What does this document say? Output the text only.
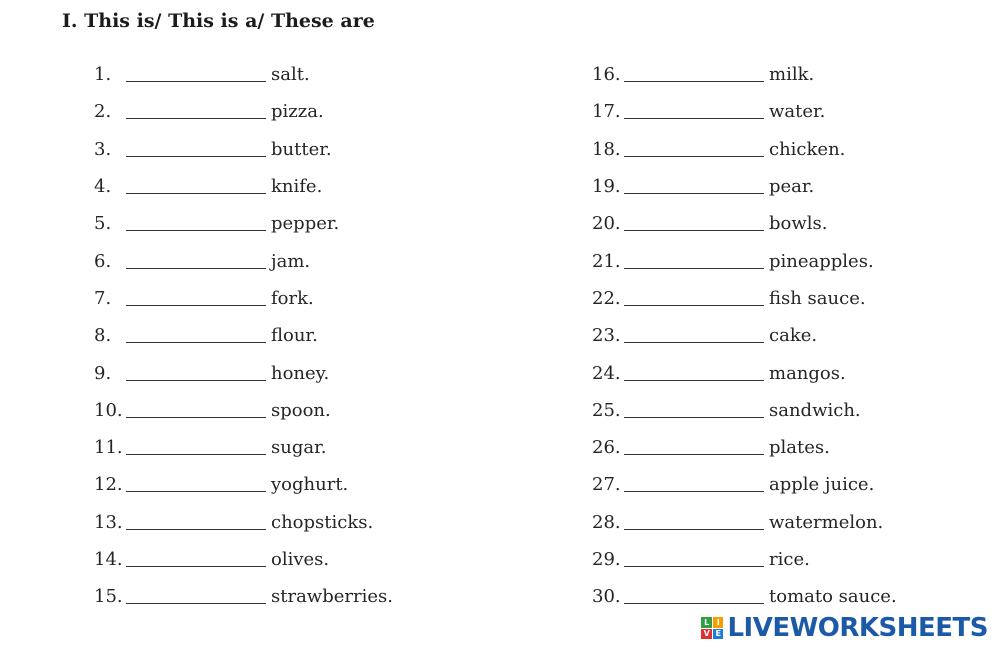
I. This is/ This is a/ These are
1.	salt.
2.	pizza.
3.	butter.
4.	knife.
5.	pepper.
6.	jam.
7.	fork.
8.	flour.
9.	honey.
10.	spoon.
11.	sugar.
12.	yoghurt.
13.	chopsticks.
14.	olives.
15.	strawberries.
16.	milk.
17.	water.
18.	chicken.
19.	pear.
20.	bowls.
21.	pineapples.
22.	fish sauce.
23.	cake.
24.	mangos.
25.	sandwich.
26.	plates.
27.	apple juice.
28.	watermelon.
29.	rice.
30.	tomato sauce.
L I
V E LIVEWORKSHEETS
